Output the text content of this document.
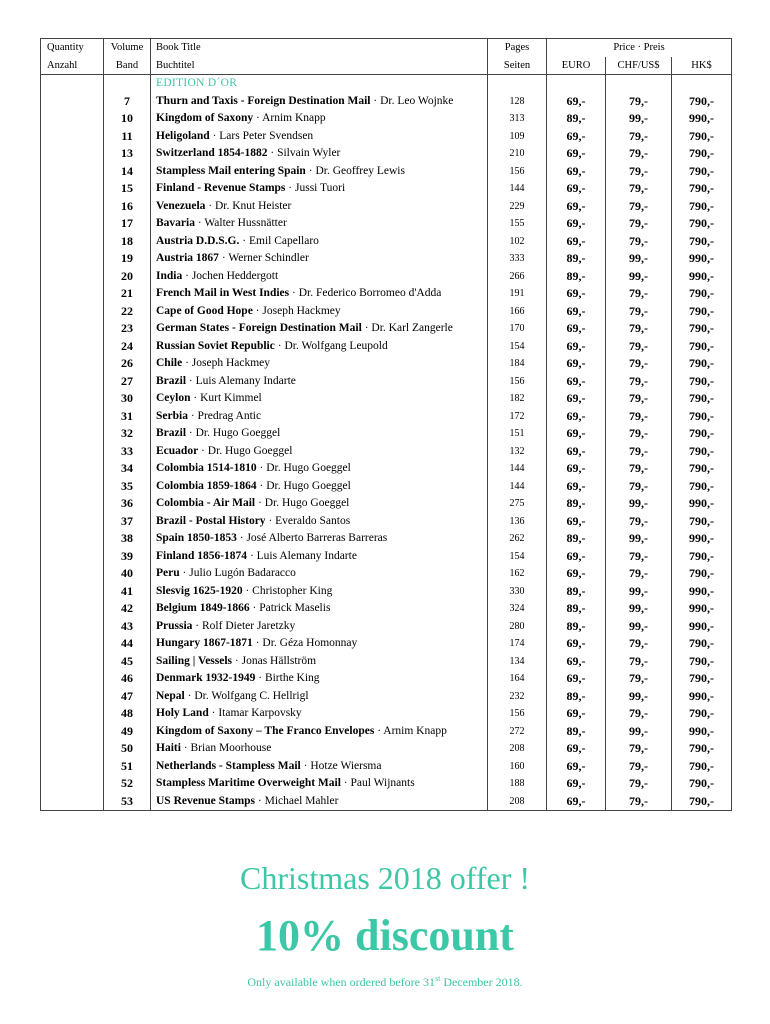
Quantity	Volume	Book Title	Pages	Price · Preis		
Anzahl	Band	Buchtitel	Seiten	EURO	CHF/US$	HK$
		EDITION D´OR				
	7	Thurn and Taxis - Foreign Destination Mail · Dr. Leo Wojnke	128	69,-	79,-	790,-
	10	Kingdom of Saxony · Arnim Knapp	313	89,-	99,-	990,-
	11	Heligoland · Lars Peter Svendsen	109	69,-	79,-	790,-
	13	Switzerland 1854-1882 · Silvain Wyler	210	69,-	79,-	790,-
	14	Stampless Mail entering Spain · Dr. Geoffrey Lewis	156	69,-	79,-	790,-
	15	Finland - Revenue Stamps · Jussi Tuori	144	69,-	79,-	790,-
	16	Venezuela · Dr. Knut Heister	229	69,-	79,-	790,-
	17	Bavaria · Walter Hussnätter	155	69,-	79,-	790,-
	18	Austria D.D.S.G. · Emil Capellaro	102	69,-	79,-	790,-
	19	Austria 1867 · Werner Schindler	333	89,-	99,-	990,-
	20	India · Jochen Heddergott	266	89,-	99,-	990,-
	21	French Mail in West Indies · Dr. Federico Borromeo d'Adda	191	69,-	79,-	790,-
	22	Cape of Good Hope · Joseph Hackmey	166	69,-	79,-	790,-
	23	German States - Foreign Destination Mail · Dr. Karl Zangerle	170	69,-	79,-	790,-
	24	Russian Soviet Republic · Dr. Wolfgang Leupold	154	69,-	79,-	790,-
	26	Chile · Joseph Hackmey	184	69,-	79,-	790,-
	27	Brazil · Luis Alemany Indarte	156	69,-	79,-	790,-
	30	Ceylon · Kurt Kimmel	182	69,-	79,-	790,-
	31	Serbia · Predrag Antic	172	69,-	79,-	790,-
	32	Brazil · Dr. Hugo Goeggel	151	69,-	79,-	790,-
	33	Ecuador · Dr. Hugo Goeggel	132	69,-	79,-	790,-
	34	Colombia 1514-1810 · Dr. Hugo Goeggel	144	69,-	79,-	790,-
	35	Colombia 1859-1864 · Dr. Hugo Goeggel	144	69,-	79,-	790,-
	36	Colombia - Air Mail · Dr. Hugo Goeggel	275	89,-	99,-	990,-
	37	Brazil - Postal History · Everaldo Santos	136	69,-	79,-	790,-
	38	Spain 1850-1853 · José Alberto Barreras Barreras	262	89,-	99,-	990,-
	39	Finland 1856-1874 · Luis Alemany Indarte	154	69,-	79,-	790,-
	40	Peru · Julio Lugón Badaracco	162	69,-	79,-	790,-
	41	Slesvig 1625-1920 · Christopher King	330	89,-	99,-	990,-
	42	Belgium 1849-1866 · Patrick Maselis	324	89,-	99,-	990,-
	43	Prussia · Rolf Dieter Jaretzky	280	89,-	99,-	990,-
	44	Hungary 1867-1871 · Dr. Géza Homonnay	174	69,-	79,-	790,-
	45	Sailing | Vessels · Jonas Hällström	134	69,-	79,-	790,-
	46	Denmark 1932-1949 · Birthe King	164	69,-	79,-	790,-
	47	Nepal · Dr. Wolfgang C. Hellrigl	232	89,-	99,-	990,-
	48	Holy Land · Itamar Karpovsky	156	69,-	79,-	790,-
	49	Kingdom of Saxony – The Franco Envelopes · Arnim Knapp	272	89,-	99,-	990,-
	50	Haiti · Brian Moorhouse	208	69,-	79,-	790,-
	51	Netherlands - Stampless Mail · Hotze Wiersma	160	69,-	79,-	790,-
	52	Stampless Maritime Overweight Mail · Paul Wijnants	188	69,-	79,-	790,-
	53	US Revenue Stamps · Michael Mahler	208	69,-	79,-	790,-
Christmas 2018 offer !
10% discount
Only available when ordered before 31st December 2018.
